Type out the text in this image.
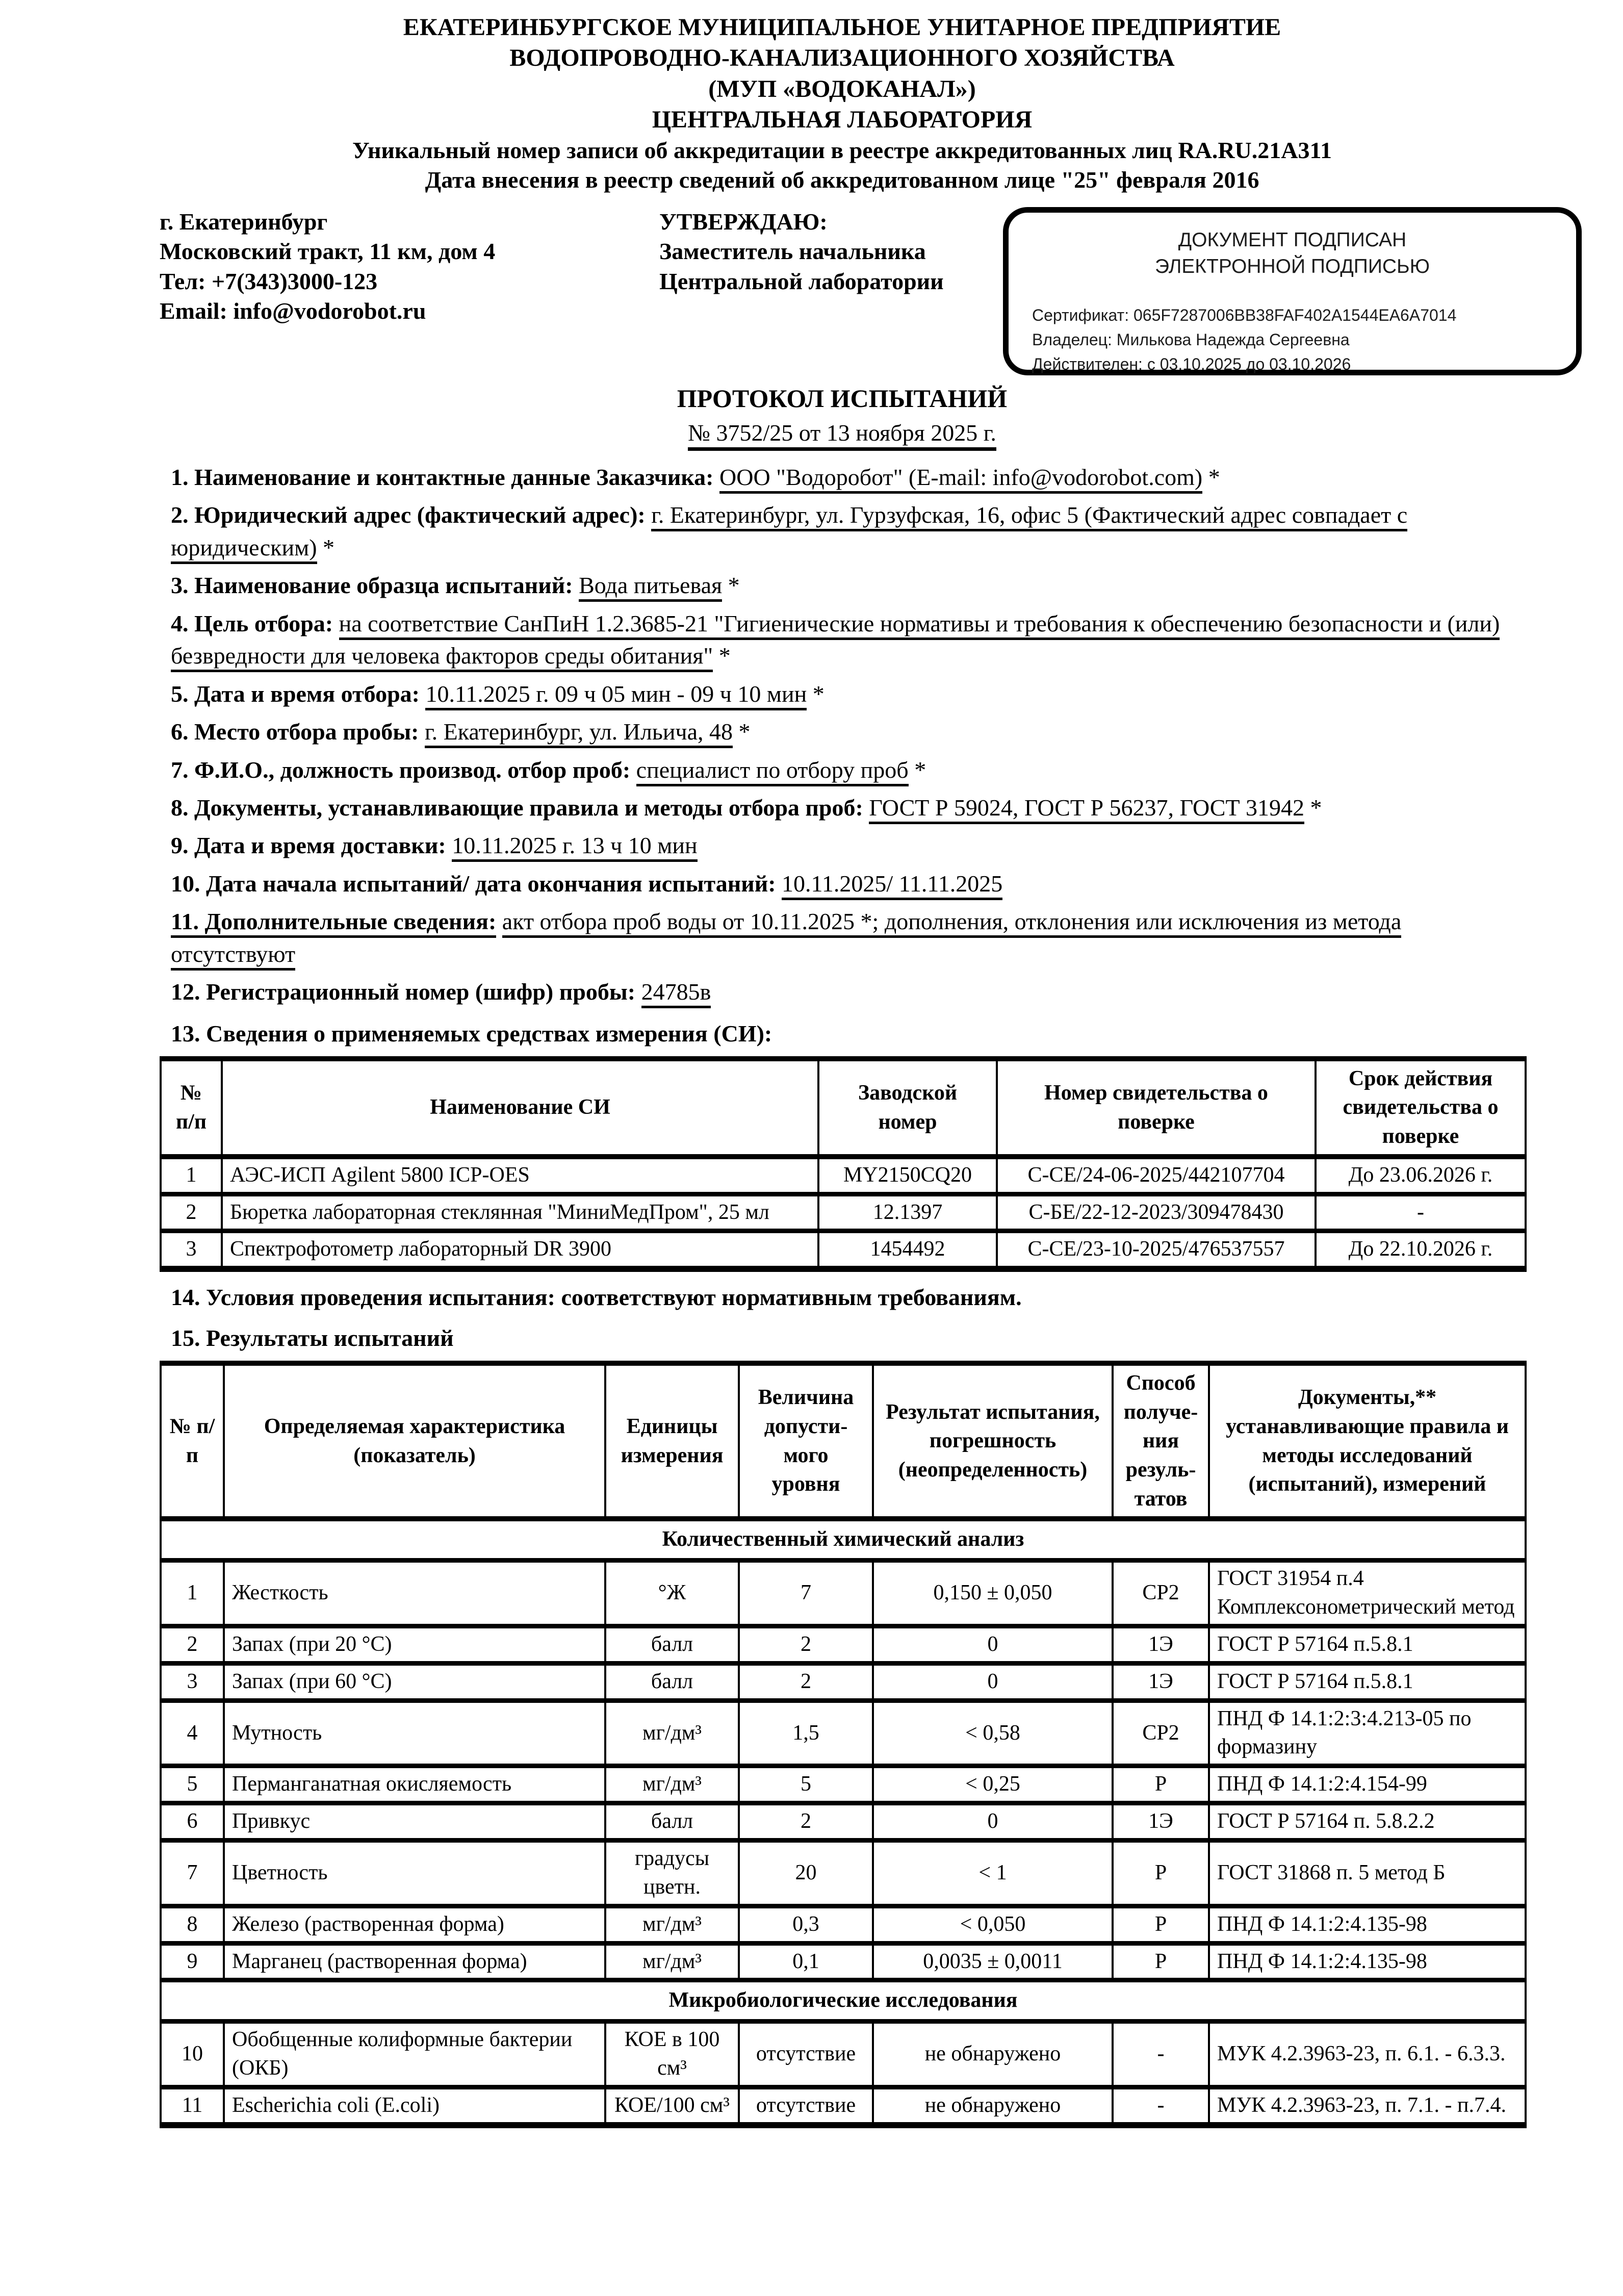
ЕКАТЕРИНБУРГСКОЕ МУНИЦИПАЛЬНОЕ УНИТАРНОЕ ПРЕДПРИЯТИЕ
ВОДОПРОВОДНО-КАНАЛИЗАЦИОННОГО ХОЗЯЙСТВА
(МУП «ВОДОКАНАЛ»)
ЦЕНТРАЛЬНАЯ ЛАБОРАТОРИЯ
Уникальный номер записи об аккредитации в реестре аккредитованных лиц RA.RU.21А311
Дата внесения в реестр сведений об аккредитованном лице "25" февраля 2016
г. Екатеринбург
Московский тракт, 11 км, дом 4
Тел: +7(343)3000-123
Email: info@vodorobot.ru
УТВЕРЖДАЮ:
Заместитель начальника
Центральной лаборатории
ДОКУМЕНТ ПОДПИСАН
ЭЛЕКТРОННОЙ ПОДПИСЬЮ
Сертификат: 065F7287006BB38FAF402A1544EA6A7014
Владелец: Милькова Надежда Сергеевна
Действителен: с 03.10.2025 до 03.10.2026
ПРОТОКОЛ ИСПЫТАНИЙ
№ 3752/25 от 13 ноября 2025 г.
1. Наименование и контактные данные Заказчика: ООО "Водоробот" (E-mail: info@vodorobot.com) *
2. Юридический адрес (фактический адрес): г. Екатеринбург, ул. Гурзуфская, 16, офис 5 (Фактический адрес совпадает с юридическим) *
3. Наименование образца испытаний: Вода питьевая *
4. Цель отбора: на соответствие СанПиН 1.2.3685-21 "Гигиенические нормативы и требования к обеспечению безопасности и (или) безвредности для человека факторов среды обитания" *
5. Дата и время отбора: 10.11.2025 г. 09 ч 05 мин - 09 ч 10 мин *
6. Место отбора пробы: г. Екатеринбург, ул. Ильича, 48 *
7. Ф.И.О., должность производ. отбор проб: специалист по отбору проб *
8. Документы, устанавливающие правила и методы отбора проб: ГОСТ Р 59024, ГОСТ Р 56237, ГОСТ 31942 *
9. Дата и время доставки: 10.11.2025 г. 13 ч 10 мин
10. Дата начала испытаний/ дата окончания испытаний: 10.11.2025/ 11.11.2025
11. Дополнительные сведения: акт отбора проб воды от 10.11.2025 *; дополнения, отклонения или исключения из метода отсутствуют
12. Регистрационный номер (шифр) пробы: 24785в
13. Сведения о применяемых средствах измерения (СИ):
№ п/п	Наименование СИ	Заводской номер	Номер свидетельства о поверке	Срок действия свидетельства о поверке
1	АЭС-ИСП Agilent 5800 ICP-OES	MY2150CQ20	С-СЕ/24-06-2025/442107704	До 23.06.2026 г.
2	Бюретка лабораторная стеклянная "МиниМедПром", 25 мл	12.1397	С-БЕ/22-12-2023/309478430	-
3	Спектрофотометр лабораторный DR 3900	1454492	С-СЕ/23-10-2025/476537557	До 22.10.2026 г.
14. Условия проведения испытания: соответствуют нормативным требованиям.
15. Результаты испытаний
№ п/п	Определяемая характеристика (показатель)	Единицы измерения	Величина допусти- мого уровня	Результат испытания, погрешность (неопределенность)	Способ получе- ния резуль- татов	Документы,** устанавливающие правила и методы исследований (испытаний), измерений
Количественный химический анализ						
1	Жесткость	°Ж	7	0,150 ± 0,050	СР2	ГОСТ 31954 п.4 Комплексонометрический метод
2	Запах (при 20 °С)	балл	2	0	1Э	ГОСТ Р 57164 п.5.8.1
3	Запах (при 60 °С)	балл	2	0	1Э	ГОСТ Р 57164 п.5.8.1
4	Мутность	мг/дм³	1,5	< 0,58	СР2	ПНД Ф 14.1:2:3:4.213-05 по формазину
5	Перманганатная окисляемость	мг/дм³	5	< 0,25	Р	ПНД Ф 14.1:2:4.154-99
6	Привкус	балл	2	0	1Э	ГОСТ Р 57164 п. 5.8.2.2
7	Цветность	градусы цветн.	20	< 1	Р	ГОСТ 31868 п. 5 метод Б
8	Железо (растворенная форма)	мг/дм³	0,3	< 0,050	Р	ПНД Ф 14.1:2:4.135-98
9	Марганец (растворенная форма)	мг/дм³	0,1	0,0035 ± 0,0011	Р	ПНД Ф 14.1:2:4.135-98
Микробиологические исследования						
10	Обобщенные колиформные бактерии (ОКБ)	КОЕ в 100 см³	отсутствие	не обнаружено	-	МУК 4.2.3963-23, п. 6.1. - 6.3.3.
11	Escherichia coli (E.coli)	КОЕ/100 см³	отсутствие	не обнаружено	-	МУК 4.2.3963-23, п. 7.1. - п.7.4.
